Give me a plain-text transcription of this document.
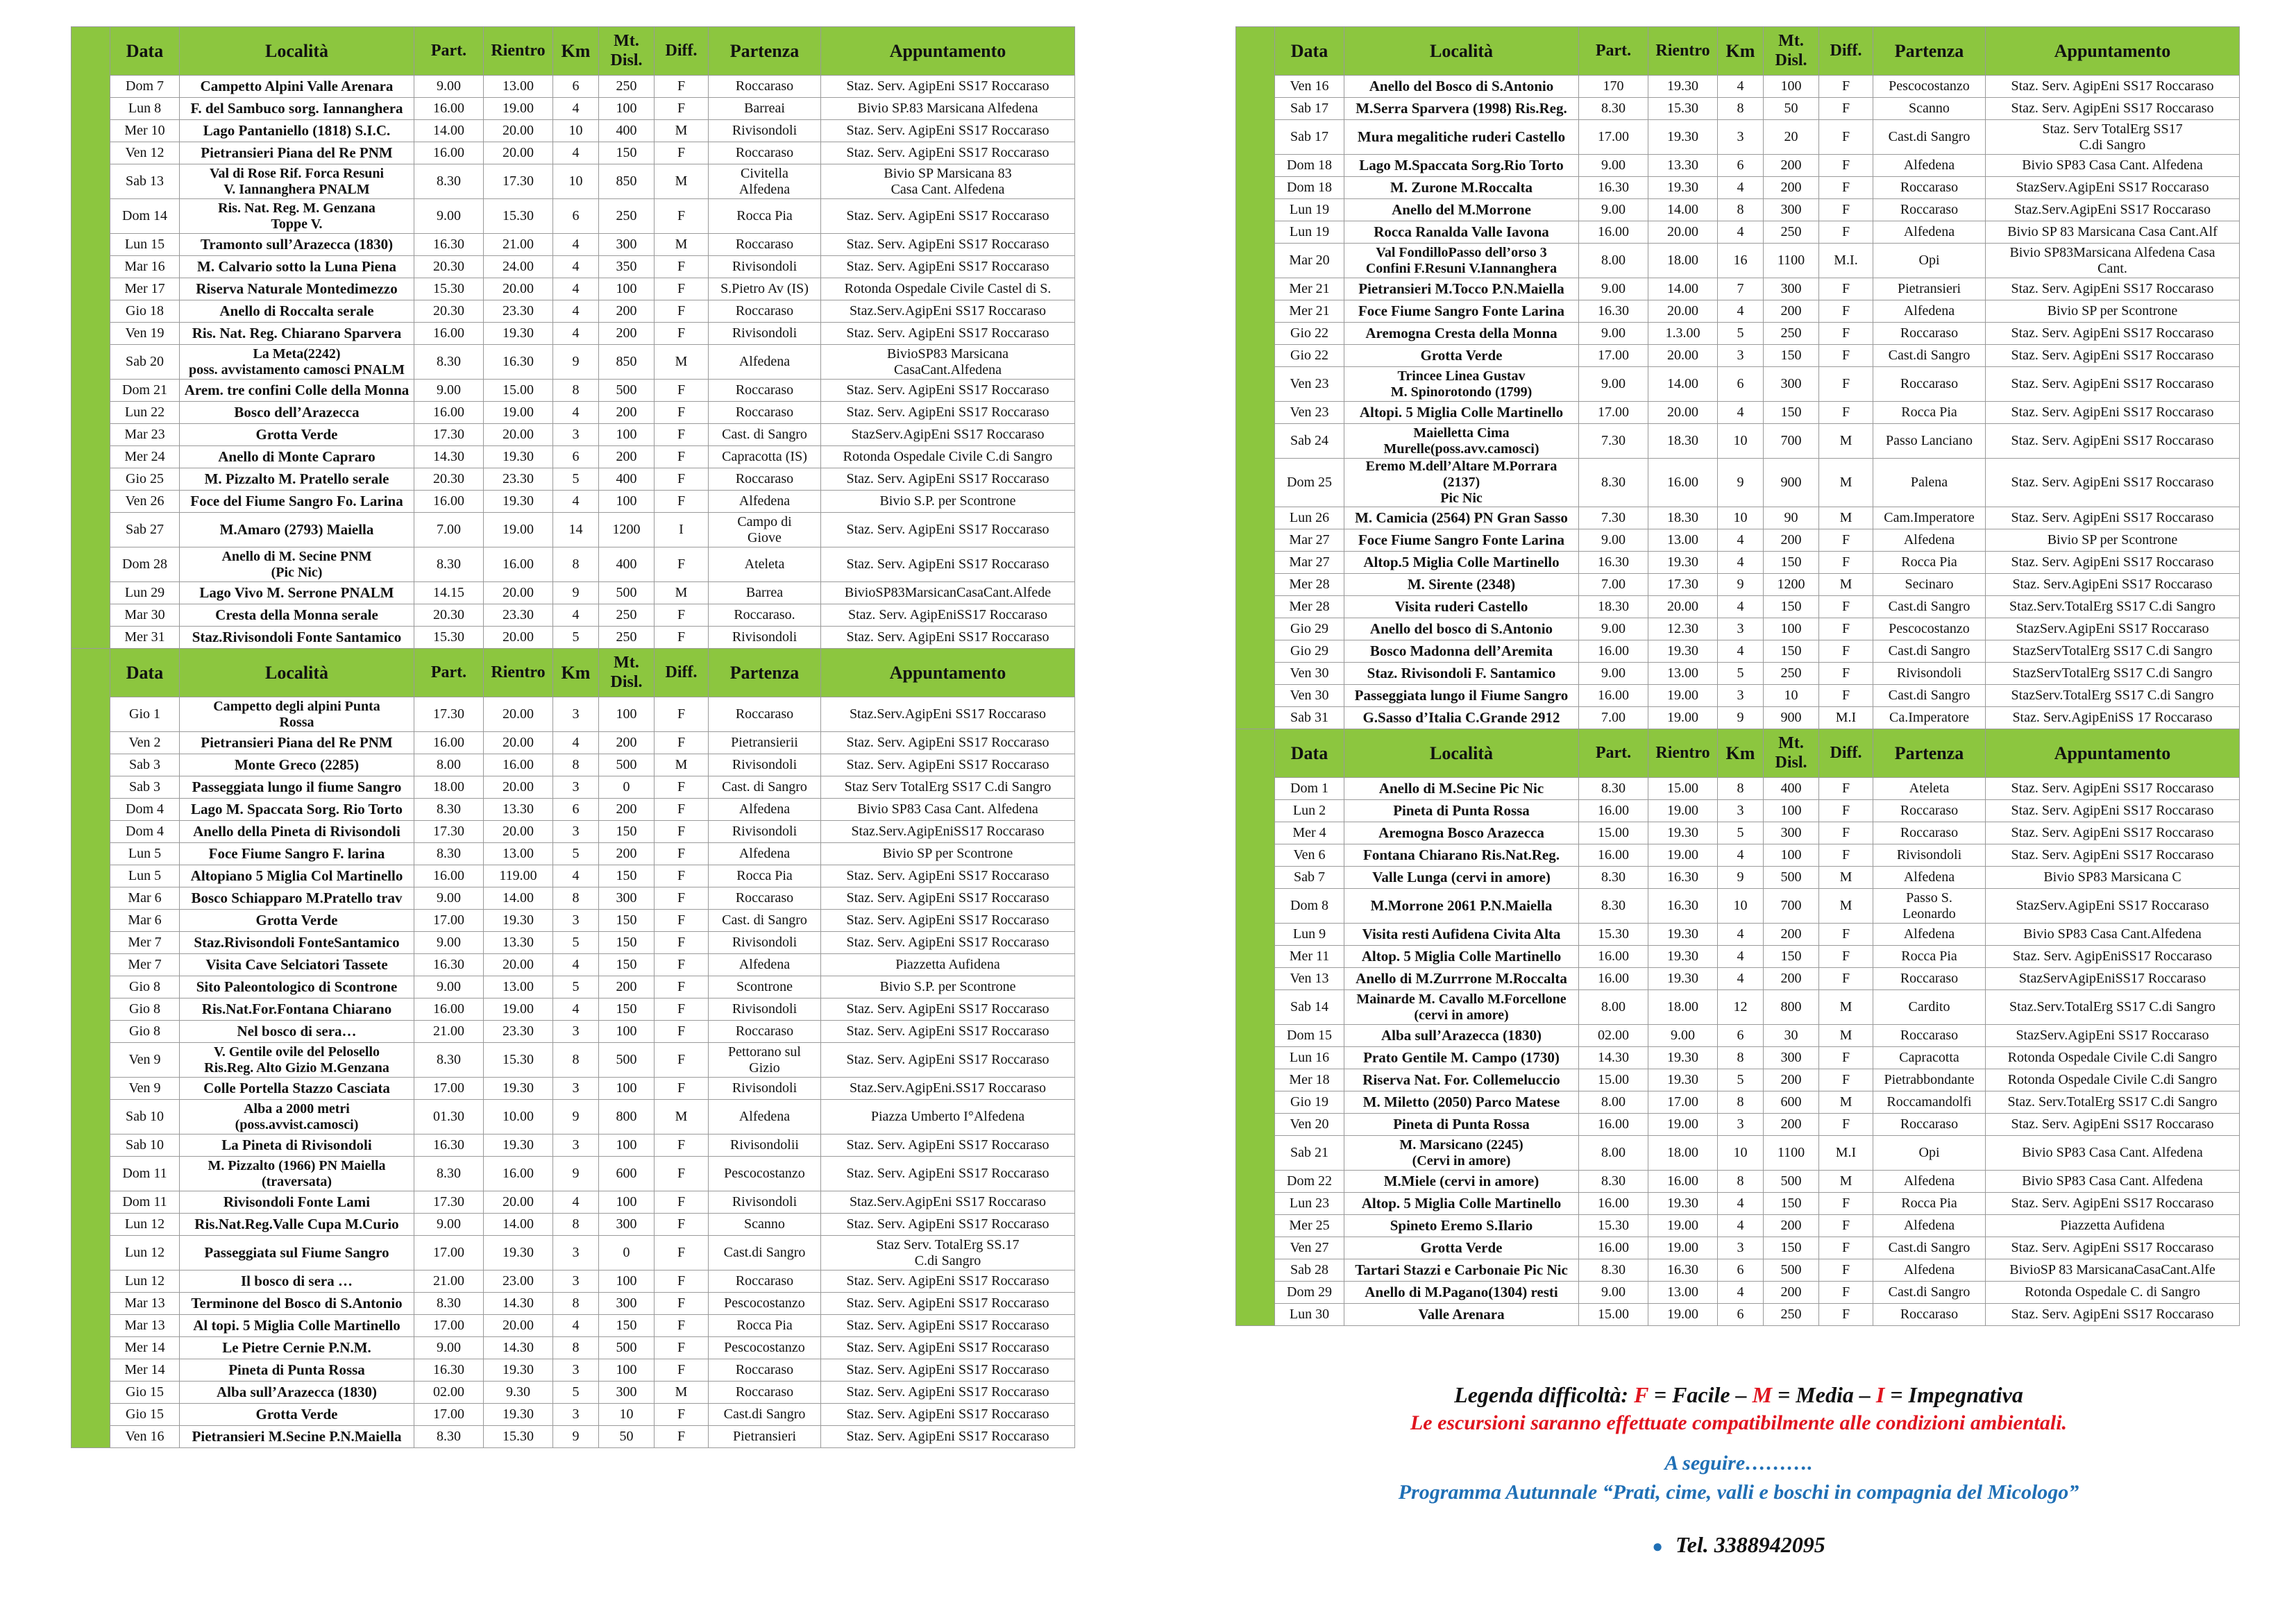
	Data	Località	Part.	Rientro	Km	Mt.
Disl.	Diff.	Partenza	Appuntamento
	Dom 7	Campetto Alpini Valle Arenara	9.00	13.00	6	250	F	Roccaraso	Staz. Serv. AgipEni SS17 Roccaraso
	Lun 8	F. del Sambuco sorg. Iannanghera	16.00	19.00	4	100	F	Barreai	Bivio SP.83 Marsicana Alfedena
	Mer 10	Lago Pantaniello (1818) S.I.C.	14.00	20.00	10	400	M	Rivisondoli	Staz. Serv. AgipEni SS17 Roccaraso
	Ven 12	Pietransieri Piana del Re PNM	16.00	20.00	4	150	F	Roccaraso	Staz. Serv. AgipEni SS17 Roccaraso
	Sab 13	Val di Rose Rif. Forca Resuni
V. Iannanghera PNALM	8.30	17.30	10	850	M	Civitella
Alfedena	Bivio SP Marsicana 83
Casa Cant. Alfedena
	Dom 14	Ris. Nat. Reg. M. Genzana
Toppe V.	9.00	15.30	6	250	F	Rocca Pia	Staz. Serv. AgipEni SS17 Roccaraso
	Lun 15	Tramonto sull’Arazecca (1830)	16.30	21.00	4	300	M	Roccaraso	Staz. Serv. AgipEni SS17 Roccaraso
	Mar 16	M. Calvario sotto la Luna Piena	20.30	24.00	4	350	F	Rivisondoli	Staz. Serv. AgipEni SS17 Roccaraso
	Mer 17	Riserva Naturale Montedimezzo	15.30	20.00	4	100	F	S.Pietro Av (IS)	Rotonda Ospedale Civile Castel di S.
	Gio 18	Anello di Roccalta serale	20.30	23.30	4	200	F	Roccaraso	Staz.Serv.AgipEni SS17 Roccaraso
	Ven 19	Ris. Nat. Reg. Chiarano Sparvera	16.00	19.30	4	200	F	Rivisondoli	Staz. Serv. AgipEni SS17 Roccaraso
	Sab 20	La Meta(2242)
poss. avvistamento camosci PNALM	8.30	16.30	9	850	M	Alfedena	BivioSP83 Marsicana
CasaCant.Alfedena
	Dom 21	Arem. tre confini Colle della Monna	9.00	15.00	8	500	F	Roccaraso	Staz. Serv. AgipEni SS17 Roccaraso
	Lun 22	Bosco dell’Arazecca	16.00	19.00	4	200	F	Roccaraso	Staz. Serv. AgipEni SS17 Roccaraso
	Mar 23	Grotta Verde	17.30	20.00	3	100	F	Cast. di Sangro	StazServ.AgipEni SS17 Roccaraso
	Mer 24	Anello di Monte Capraro	14.30	19.30	6	200	F	Capracotta (IS)	Rotonda Ospedale Civile C.di Sangro
	Gio 25	M. Pizzalto M. Pratello serale	20.30	23.30	5	400	F	Roccaraso	Staz. Serv. AgipEni SS17 Roccaraso
	Ven 26	Foce del Fiume Sangro Fo. Larina	16.00	19.30	4	100	F	Alfedena	Bivio S.P. per Scontrone
	Sab 27	M.Amaro (2793) Maiella	7.00	19.00	14	1200	I	Campo di
Giove	Staz. Serv. AgipEni SS17 Roccaraso
	Dom 28	Anello di M. Secine PNM
(Pic Nic)	8.30	16.00	8	400	F	Ateleta	Staz. Serv. AgipEni SS17 Roccaraso
	Lun 29	Lago Vivo M. Serrone PNALM	14.15	20.00	9	500	M	Barrea	BivioSP83MarsicanCasaCant.Alfede
	Mar 30	Cresta della Monna serale	20.30	23.30	4	250	F	Roccaraso.	Staz. Serv. AgipEniSS17 Roccaraso
	Mer 31	Staz.Rivisondoli Fonte Santamico	15.30	20.00	5	250	F	Rivisondoli	Staz. Serv. AgipEni SS17 Roccaraso
	Data	Località	Part.	Rientro	Km	Mt.
Disl.	Diff.	Partenza	Appuntamento
	Gio 1	Campetto degli alpini Punta
Rossa	17.30	20.00	3	100	F	Roccaraso	Staz.Serv.AgipEni SS17 Roccaraso
	Ven 2	Pietransieri Piana del Re PNM	16.00	20.00	4	200	F	Pietransierii	Staz. Serv. AgipEni SS17 Roccaraso
	Sab 3	Monte Greco (2285)	8.00	16.00	8	500	M	Rivisondoli	Staz. Serv. AgipEni SS17 Roccaraso
	Sab 3	Passeggiata lungo il fiume Sangro	18.00	20.00	3	0	F	Cast. di Sangro	Staz Serv TotalErg SS17 C.di Sangro
	Dom 4	Lago M. Spaccata Sorg. Rio Torto	8.30	13.30	6	200	F	Alfedena	Bivio SP83 Casa Cant. Alfedena
	Dom 4	Anello della Pineta di Rivisondoli	17.30	20.00	3	150	F	Rivisondoli	Staz.Serv.AgipEniSS17 Roccaraso
	Lun 5	Foce Fiume Sangro F. larina	8.30	13.00	5	200	F	Alfedena	Bivio SP per Scontrone
	Lun 5	Altopiano 5 Miglia Col Martinello	16.00	119.00	4	150	F	Rocca Pia	Staz. Serv. AgipEni SS17 Roccaraso
	Mar 6	Bosco Schiapparo M.Pratello trav	9.00	14.00	8	300	F	Roccaraso	Staz. Serv. AgipEni SS17 Roccaraso
	Mar 6	Grotta Verde	17.00	19.30	3	150	F	Cast. di Sangro	Staz. Serv. AgipEni SS17 Roccaraso
	Mer 7	Staz.Rivisondoli FonteSantamico	9.00	13.30	5	150	F	Rivisondoli	Staz. Serv. AgipEni SS17 Roccaraso
	Mer 7	Visita Cave Selciatori Tassete	16.30	20.00	4	150	F	Alfedena	Piazzetta Aufidena
	Gio 8	Sito Paleontologico di Scontrone	9.00	13.00	5	200	F	Scontrone	Bivio S.P. per Scontrone
	Gio 8	Ris.Nat.For.Fontana Chiarano	16.00	19.00	4	150	F	Rivisondoli	Staz. Serv. AgipEni SS17 Roccaraso
	Gio 8	Nel bosco di sera…	21.00	23.30	3	100	F	Roccaraso	Staz. Serv. AgipEni SS17 Roccaraso
	Ven 9	V. Gentile ovile del Pelosello
Ris.Reg. Alto Gizio M.Genzana	8.30	15.30	8	500	F	Pettorano sul
Gizio	Staz. Serv. AgipEni SS17 Roccaraso
	Ven 9	Colle Portella Stazzo Casciata	17.00	19.30	3	100	F	Rivisondoli	Staz.Serv.AgipEni.SS17 Roccaraso
	Sab 10	Alba a 2000 metri
(poss.avvist.camosci)	01.30	10.00	9	800	M	Alfedena	Piazza Umberto I°Alfedena
	Sab 10	La Pineta di Rivisondoli	16.30	19.30	3	100	F	Rivisondolii	Staz. Serv. AgipEni SS17 Roccaraso
	Dom 11	M. Pizzalto (1966) PN Maiella
(traversata)	8.30	16.00	9	600	F	Pescocostanzo	Staz. Serv. AgipEni SS17 Roccaraso
	Dom 11	Rivisondoli Fonte Lami	17.30	20.00	4	100	F	Rivisondoli	Staz.Serv.AgipEni SS17 Roccaraso
	Lun 12	Ris.Nat.Reg.Valle Cupa M.Curio	9.00	14.00	8	300	F	Scanno	Staz. Serv. AgipEni SS17 Roccaraso
	Lun 12	Passeggiata sul Fiume Sangro	17.00	19.30	3	0	F	Cast.di Sangro	Staz Serv. TotalErg SS.17
C.di Sangro
	Lun 12	Il bosco di sera …	21.00	23.00	3	100	F	Roccaraso	Staz. Serv. AgipEni SS17 Roccaraso
	Mar 13	Terminone del Bosco di S.Antonio	8.30	14.30	8	300	F	Pescocostanzo	Staz. Serv. AgipEni SS17 Roccaraso
	Mar 13	Al topi. 5 Miglia Colle Martinello	17.00	20.00	4	150	F	Rocca Pia	Staz. Serv. AgipEni SS17 Roccaraso
	Mer 14	Le Pietre Cernie P.N.M.	9.00	14.30	8	500	F	Pescocostanzo	Staz. Serv. AgipEni SS17 Roccaraso
	Mer 14	Pineta di Punta Rossa	16.30	19.30	3	100	F	Roccaraso	Staz. Serv. AgipEni SS17 Roccaraso
	Gio 15	Alba sull’Arazecca (1830)	02.00	9.30	5	300	M	Roccaraso	Staz. Serv. AgipEni SS17 Roccaraso
	Gio 15	Grotta Verde	17.00	19.30	3	10	F	Cast.di Sangro	Staz. Serv. AgipEni SS17 Roccaraso
	Ven 16	Pietransieri M.Secine P.N.Maiella	8.30	15.30	9	50	F	Pietransieri	Staz. Serv. AgipEni SS17 Roccaraso
	Data	Località	Part.	Rientro	Km	Mt.
Disl.	Diff.	Partenza	Appuntamento
	Ven 16	Anello del Bosco di S.Antonio	170	19.30	4	100	F	Pescocostanzo	Staz. Serv. AgipEni SS17 Roccaraso
	Sab 17	M.Serra Sparvera (1998) Ris.Reg.	8.30	15.30	8	50	F	Scanno	Staz. Serv. AgipEni SS17 Roccaraso
	Sab 17	Mura megalitiche ruderi Castello	17.00	19.30	3	20	F	Cast.di Sangro	Staz. Serv TotalErg SS17
C.di Sangro
	Dom 18	Lago M.Spaccata Sorg.Rio Torto	9.00	13.30	6	200	F	Alfedena	Bivio SP83 Casa Cant. Alfedena
	Dom 18	M. Zurone M.Roccalta	16.30	19.30	4	200	F	Roccaraso	StazServ.AgipEni SS17 Roccaraso
	Lun 19	Anello del M.Morrone	9.00	14.00	8	300	F	Roccaraso	Staz.Serv.AgipEni SS17 Roccaraso
	Lun 19	Rocca Ranalda Valle Iavona	16.00	20.00	4	250	F	Alfedena	Bivio SP 83 Marsicana Casa Cant.Alf
	Mar 20	Val FondilloPasso dell’orso 3
Confini F.Resuni V.Iannanghera	8.00	18.00	16	1100	M.I.	Opi	Bivio SP83Marsicana Alfedena Casa
Cant.
	Mer 21	Pietransieri M.Tocco P.N.Maiella	9.00	14.00	7	300	F	Pietransieri	Staz. Serv. AgipEni SS17 Roccaraso
	Mer 21	Foce Fiume Sangro Fonte Larina	16.30	20.00	4	200	F	Alfedena	Bivio SP per Scontrone
	Gio 22	Aremogna Cresta della Monna	9.00	1.3.00	5	250	F	Roccaraso	Staz. Serv. AgipEni SS17 Roccaraso
	Gio 22	Grotta Verde	17.00	20.00	3	150	F	Cast.di Sangro	Staz. Serv. AgipEni SS17 Roccaraso
	Ven 23	Trincee Linea Gustav
M. Spinorotondo (1799)	9.00	14.00	6	300	F	Roccaraso	Staz. Serv. AgipEni SS17 Roccaraso
	Ven 23	Altopi. 5 Miglia Colle Martinello	17.00	20.00	4	150	F	Rocca Pia	Staz. Serv. AgipEni SS17 Roccaraso
	Sab 24	Maielletta Cima
Murelle(poss.avv.camosci)	7.30	18.30	10	700	M	Passo Lanciano	Staz. Serv. AgipEni SS17 Roccaraso
	Dom 25	Eremo M.dell’Altare M.Porrara (2137)
Pic Nic	8.30	16.00	9	900	M	Palena	Staz. Serv. AgipEni SS17 Roccaraso
	Lun 26	M. Camicia (2564) PN Gran Sasso	7.30	18.30	10	90	M	Cam.Imperatore	Staz. Serv. AgipEni SS17 Roccaraso
	Mar 27	Foce Fiume Sangro Fonte Larina	9.00	13.00	4	200	F	Alfedena	Bivio SP per Scontrone
	Mar 27	Altop.5 Miglia Colle Martinello	16.30	19.30	4	150	F	Rocca Pia	Staz. Serv. AgipEni SS17 Roccaraso
	Mer 28	M. Sirente (2348)	7.00	17.30	9	1200	M	Secinaro	Staz. Serv.AgipEni SS17 Roccaraso
	Mer 28	Visita ruderi Castello	18.30	20.00	4	150	F	Cast.di Sangro	Staz.Serv.TotalErg SS17 C.di Sangro
	Gio 29	Anello del bosco di S.Antonio	9.00	12.30	3	100	F	Pescocostanzo	StazServ.AgipEni SS17 Roccaraso
	Gio 29	Bosco Madonna dell’Aremita	16.00	19.30	4	150	F	Cast.di Sangro	StazServTotalErg SS17 C.di Sangro
	Ven 30	Staz. Rivisondoli F. Santamico	9.00	13.00	5	250	F	Rivisondoli	StazServTotalErg SS17 C.di Sangro
	Ven 30	Passeggiata lungo il Fiume Sangro	16.00	19.00	3	10	F	Cast.di Sangro	StazServ.TotalErg SS17 C.di Sangro
	Sab 31	G.Sasso d’Italia C.Grande 2912	7.00	19.00	9	900	M.I	Ca.Imperatore	Staz. Serv.AgipEniSS 17 Roccaraso
	Data	Località	Part.	Rientro	Km	Mt.
Disl.	Diff.	Partenza	Appuntamento
	Dom 1	Anello di M.Secine Pic Nic	8.30	15.00	8	400	F	Ateleta	Staz. Serv. AgipEni SS17 Roccaraso
	Lun 2	Pineta di Punta Rossa	16.00	19.00	3	100	F	Roccaraso	Staz. Serv. AgipEni SS17 Roccaraso
	Mer 4	Aremogna Bosco Arazecca	15.00	19.30	5	300	F	Roccaraso	Staz. Serv. AgipEni SS17 Roccaraso
	Ven 6	Fontana Chiarano Ris.Nat.Reg.	16.00	19.00	4	100	F	Rivisondoli	Staz. Serv. AgipEni SS17 Roccaraso
	Sab 7	Valle Lunga (cervi in amore)	8.30	16.30	9	500	M	Alfedena	Bivio SP83 Marsicana C
	Dom 8	M.Morrone 2061 P.N.Maiella	8.30	16.30	10	700	M	Passo S.
Leonardo	StazServ.AgipEni SS17 Roccaraso
	Lun 9	Visita resti Aufidena Civita Alta	15.30	19.30	4	200	F	Alfedena	Bivio SP83 Casa Cant.Alfedena
	Mer 11	Altop. 5 Miglia Colle Martinello	16.00	19.30	4	150	F	Rocca Pia	Staz. Serv. AgipEniSS17 Roccaraso
	Ven 13	Anello di M.Zurrrone M.Roccalta	16.00	19.30	4	200	F	Roccaraso	StazServAgipEniSS17 Roccaraso
	Sab 14	Mainarde M. Cavallo M.Forcellone
(cervi in amore)	8.00	18.00	12	800	M	Cardito	Staz.Serv.TotalErg SS17 C.di Sangro
	Dom 15	Alba sull’Arazecca (1830)	02.00	9.00	6	30	M	Roccaraso	StazServ.AgipEni SS17 Roccaraso
	Lun 16	Prato Gentile M. Campo (1730)	14.30	19.30	8	300	F	Capracotta	Rotonda Ospedale Civile C.di Sangro
	Mer 18	Riserva Nat. For. Collemeluccio	15.00	19.30	5	200	F	Pietrabbondante	Rotonda Ospedale Civile C.di Sangro
	Gio 19	M. Miletto (2050) Parco Matese	8.00	17.00	8	600	M	Roccamandolfi	Staz. Serv.TotalErg SS17 C.di Sangro
	Ven 20	Pineta di Punta Rossa	16.00	19.00	3	200	F	Roccaraso	Staz. Serv. AgipEni SS17 Roccaraso
	Sab 21	M. Marsicano (2245)
(Cervi in amore)	8.00	18.00	10	1100	M.I	Opi	Bivio SP83 Casa Cant. Alfedena
	Dom 22	M.Miele (cervi in amore)	8.30	16.00	8	500	M	Alfedena	Bivio SP83 Casa Cant. Alfedena
	Lun 23	Altop. 5 Miglia Colle Martinello	16.00	19.30	4	150	F	Rocca Pia	Staz. Serv. AgipEni SS17 Roccaraso
	Mer 25	Spineto Eremo S.Ilario	15.30	19.00	4	200	F	Alfedena	Piazzetta Aufidena
	Ven 27	Grotta Verde	16.00	19.00	3	150	F	Cast.di Sangro	Staz. Serv. AgipEni SS17 Roccaraso
	Sab 28	Tartari Stazzi e Carbonaie Pic Nic	8.30	16.30	6	500	F	Alfedena	BivioSP 83 MarsicanaCasaCant.Alfe
	Dom 29	Anello di M.Pagano(1304) resti	9.00	13.00	4	200	F	Cast.di Sangro	Rotonda Ospedale C. di Sangro
	Lun 30	Valle Arenara	15.00	19.00	6	250	F	Roccaraso	Staz. Serv. AgipEni SS17 Roccaraso
Legenda difficoltà: F = Facile – M = Media – I = Impegnativa
Le escursioni saranno effettuate compatibilmente alle condizioni ambientali.
A seguire……….
Programma Autunnale “Prati, cime, valli e boschi in compagnia del Micologo”
● Tel. 3388942095
